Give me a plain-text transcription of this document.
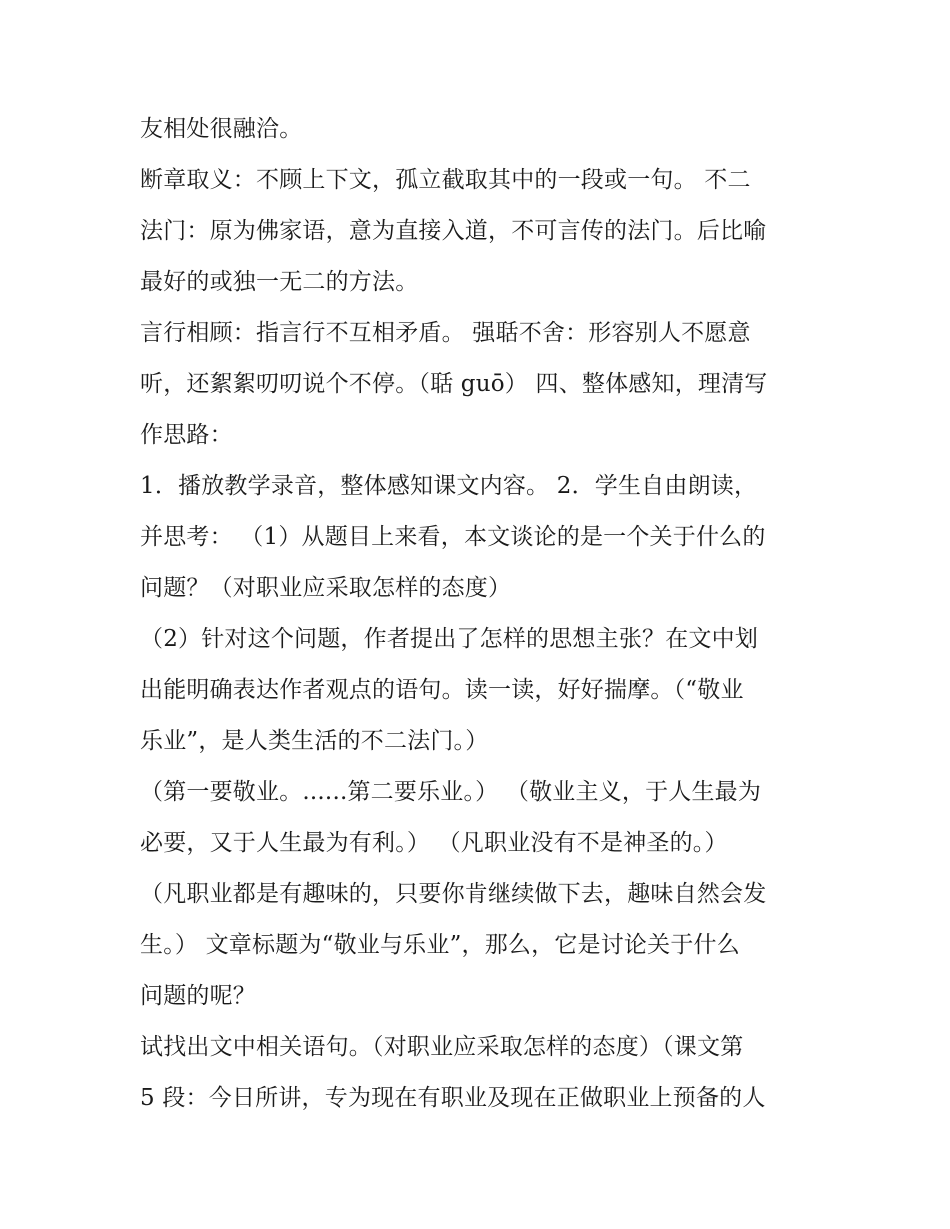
友相处很融洽。
断章取义：不顾上下文，孤立截取其中的一段或一句。 不二
法门：原为佛家语，意为直接入道，不可言传的法门。后比喻
最好的或独一无二的方法。
言行相顾：指言行不互相矛盾。 强聒不舍：形容别人不愿意
听，还絮絮叨叨说个不停。（聒 guō） 四、整体感知，理清写
作思路：
1．播放教学录音，整体感知课文内容。 2．学生自由朗读，
并思考： （1）从题目上来看，本文谈论的是一个关于什么的
问题？（对职业应采取怎样的态度）
（2）针对这个问题，作者提出了怎样的思想主张？在文中划
出能明确表达作者观点的语句。读一读，好好揣摩。（“敬业
乐业”，是人类生活的不二法门。）
（第一要敬业。......第二要乐业。） （敬业主义，于人生最为
必要，又于人生最为有利。） （凡职业没有不是神圣的。）
（凡职业都是有趣味的，只要你肯继续做下去，趣味自然会发
生。） 文章标题为“敬业与乐业”，那么，它是讨论关于什么
问题的呢？
试找出文中相关语句。（对职业应采取怎样的态度）（课文第
5 段：今日所讲，专为现在有职业及现在正做职业上预备的人
